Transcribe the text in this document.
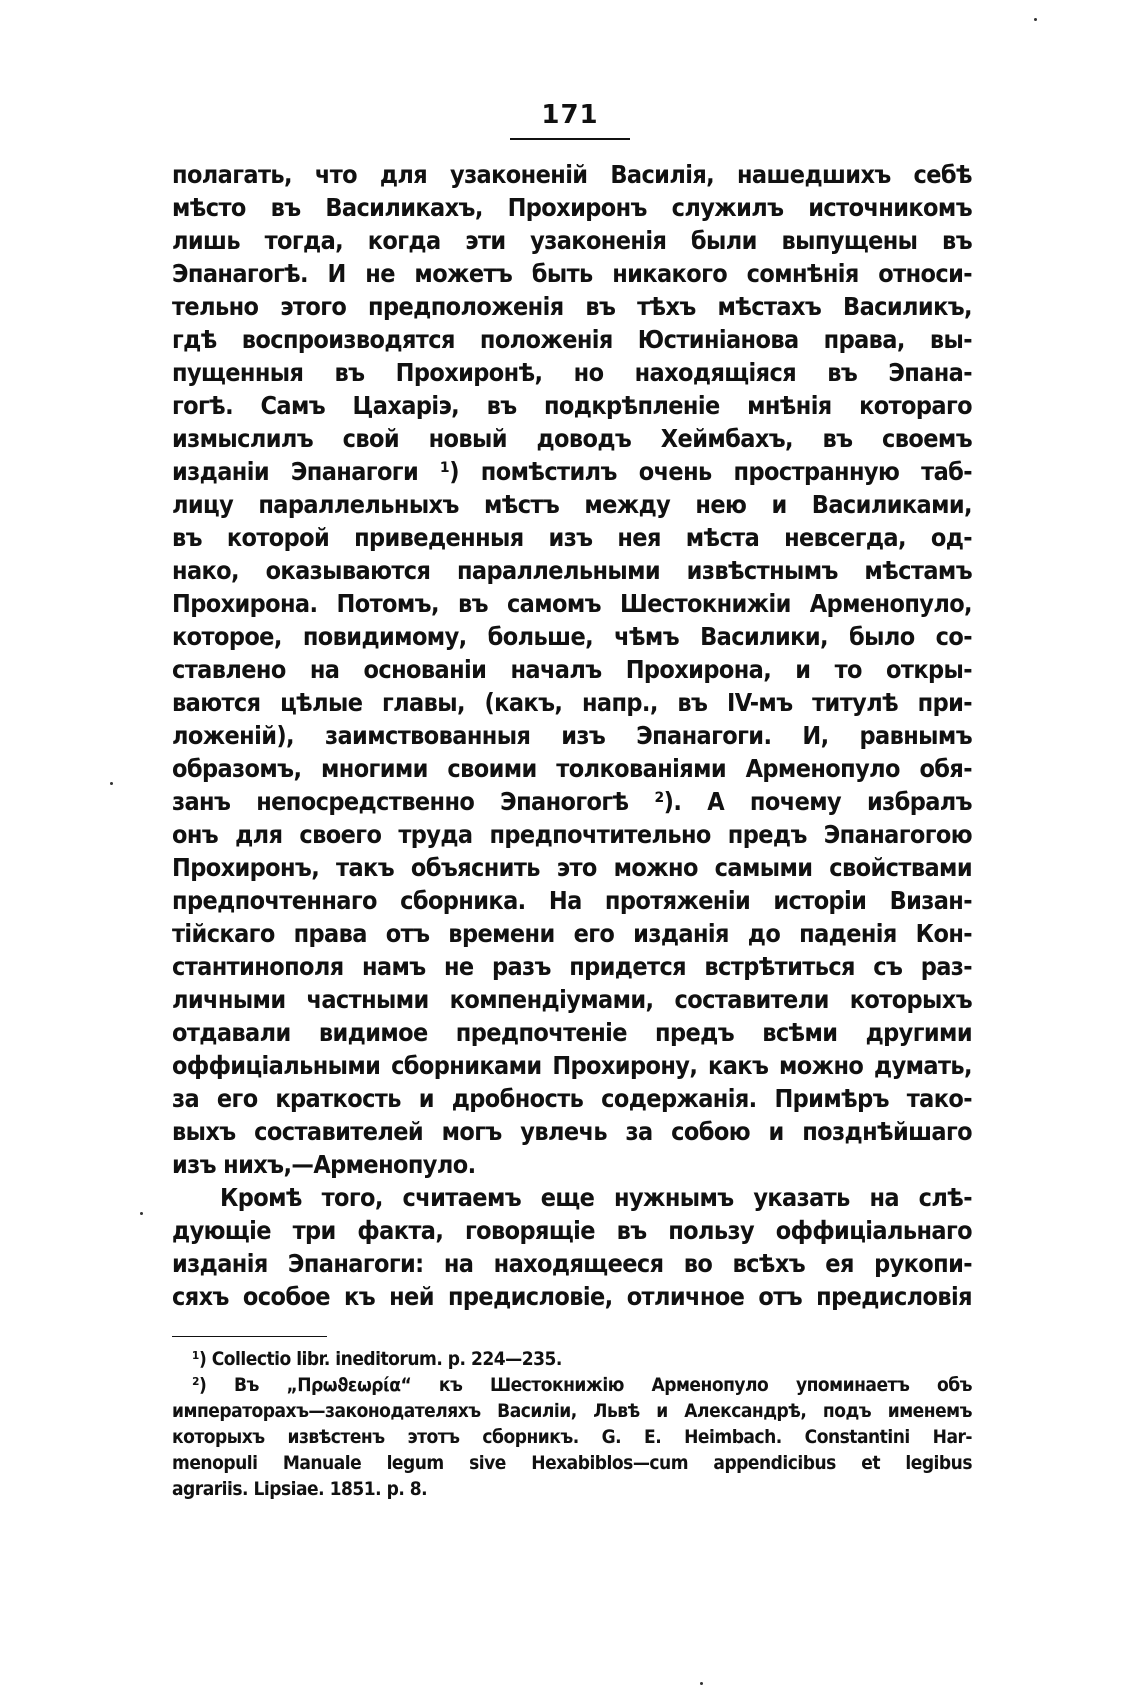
171
полагать, что для узаконеній Василія, нашедшихъ себѣ
мѣсто въ Василикахъ, Прохиронъ служилъ источникомъ
лишь тогда, когда эти узаконенія были выпущены въ
Эпанагогѣ. И не можетъ быть никакого сомнѣнія относи-
тельно этого предположенія въ тѣхъ мѣстахъ Василикъ,
гдѣ воспроизводятся положенія Юстиніанова права, вы-
пущенныя въ Прохиронѣ, но находящіяся въ Эпана-
гогѣ. Самъ Цахаріэ, въ подкрѣпленіе мнѣнія котораго
измыслилъ свой новый доводъ Хеймбахъ, въ своемъ
изданіи Эпанагоги ¹) помѣстилъ очень пространную таб-
лицу параллельныхъ мѣстъ между нею и Василиками,
въ которой приведенныя изъ нея мѣста невсегда, од-
нако, оказываются параллельными извѣстнымъ мѣстамъ
Прохирона. Потомъ, въ самомъ Шестокнижіи Арменопуло,
которое, повидимому, больше, чѣмъ Василики, было со-
ставлено на основаніи началъ Прохирона, и то откры-
ваются цѣлые главы, (какъ, напр., въ IV-мъ титулѣ при-
ложеній), заимствованныя изъ Эпанагоги. И, равнымъ
образомъ, многими своими толкованіями Арменопуло обя-
занъ непосредственно Эпаногогѣ ²). А почему избралъ
онъ для своего труда предпочтительно предъ Эпанагогою
Прохиронъ, такъ объяснить это можно самыми свойствами
предпочтеннаго сборника. На протяженіи исторіи Визан-
тійскаго права отъ времени его изданія до паденія Кон-
стантинополя намъ не разъ придется встрѣтиться съ раз-
личными частными компендіумами, составители которыхъ
отдавали видимое предпочтеніе предъ всѣми другими
оффиціальными сборниками Прохирону, какъ можно думать,
за его краткость и дробность содержанія. Примѣръ тако-
выхъ составителей могъ увлечь за собою и позднѣйшаго
изъ нихъ,—Арменопуло.
Кромѣ того, считаемъ еще нужнымъ указать на слѣ-
дующіе три факта, говорящіе въ пользу оффиціальнаго
изданія Эпанагоги: на находящееся во всѣхъ ея рукопи-
сяхъ особое къ ней предисловіе, отличное отъ предисловія
¹) Collectio libr. ineditorum. p. 224—235.
²) Въ „Πρωϑεωρία“ къ Шестокнижію Арменопуло упоминаетъ объ
императорахъ—законодателяхъ Василіи, Львѣ и Александрѣ, подъ именемъ
которыхъ извѣстенъ этотъ сборникъ. G. E. Heimbach. Constantini Har-
menopuli Manuale legum sive Hexabiblos—cum appendicibus et legibus
agrariis. Lipsiae. 1851. p. 8.
